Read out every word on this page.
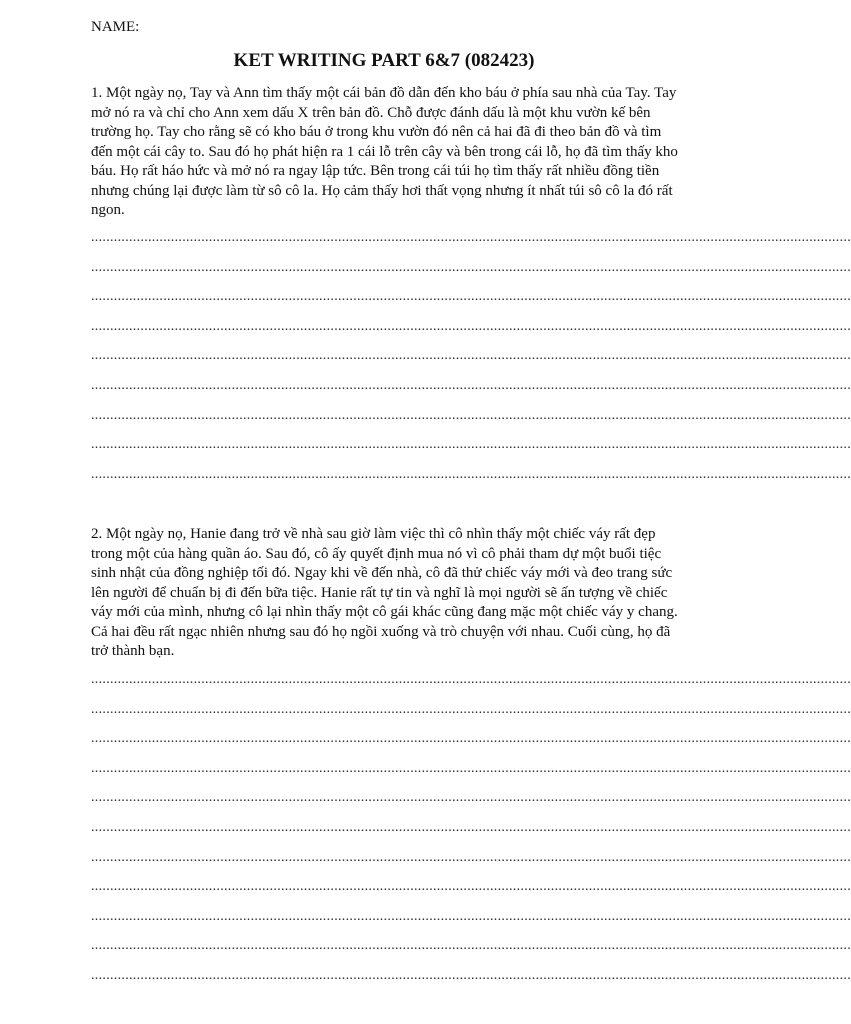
NAME:
KET WRITING PART 6&7 (082423)
1. Một ngày nọ, Tay và Ann tìm thấy một cái bản đồ dẫn đến kho báu ở phía sau nhà của Tay. Tay mở nó ra và chỉ cho Ann xem dấu X trên bản đồ. Chỗ được đánh dấu là một khu vườn kế bên trường họ. Tay cho rằng sẽ có kho báu ở trong khu vườn đó nên cả hai đã đi theo bản đồ và tìm đến một cái cây to. Sau đó họ phát hiện ra 1 cái lỗ trên cây và bên trong cái lỗ, họ đã tìm thấy kho báu. Họ rất háo hức và mở nó ra ngay lập tức. Bên trong cái túi họ tìm thấy rất nhiều đồng tiền nhưng chúng lại được làm từ sô cô la. Họ cảm thấy hơi thất vọng nhưng ít nhất túi sô cô la đó rất ngon.
........................................................................................................................................................................................................
........................................................................................................................................................................................................
........................................................................................................................................................................................................
........................................................................................................................................................................................................
........................................................................................................................................................................................................
........................................................................................................................................................................................................
........................................................................................................................................................................................................
........................................................................................................................................................................................................
........................................................................................................................................................................................................
2. Một ngày nọ, Hanie đang trở về nhà sau giờ làm việc thì cô nhìn thấy một chiếc váy rất đẹp trong một của hàng quần áo. Sau đó, cô ấy quyết định mua nó vì cô phải tham dự một buổi tiệc sinh nhật của đồng nghiệp tối đó. Ngay khi về đến nhà, cô đã thử chiếc váy mới và đeo trang sức lên người để chuẩn bị đi đến bữa tiệc. Hanie rất tự tin và nghĩ là mọi người sẽ ấn tượng về chiếc váy mới của mình, nhưng cô lại nhìn thấy một cô gái khác cũng đang mặc một chiếc váy y chang. Cả hai đều rất ngạc nhiên nhưng sau đó họ ngồi xuống và trò chuyện với nhau. Cuối cùng, họ đã trở thành bạn.
........................................................................................................................................................................................................
........................................................................................................................................................................................................
........................................................................................................................................................................................................
........................................................................................................................................................................................................
........................................................................................................................................................................................................
........................................................................................................................................................................................................
........................................................................................................................................................................................................
........................................................................................................................................................................................................
........................................................................................................................................................................................................
........................................................................................................................................................................................................
........................................................................................................................................................................................................
